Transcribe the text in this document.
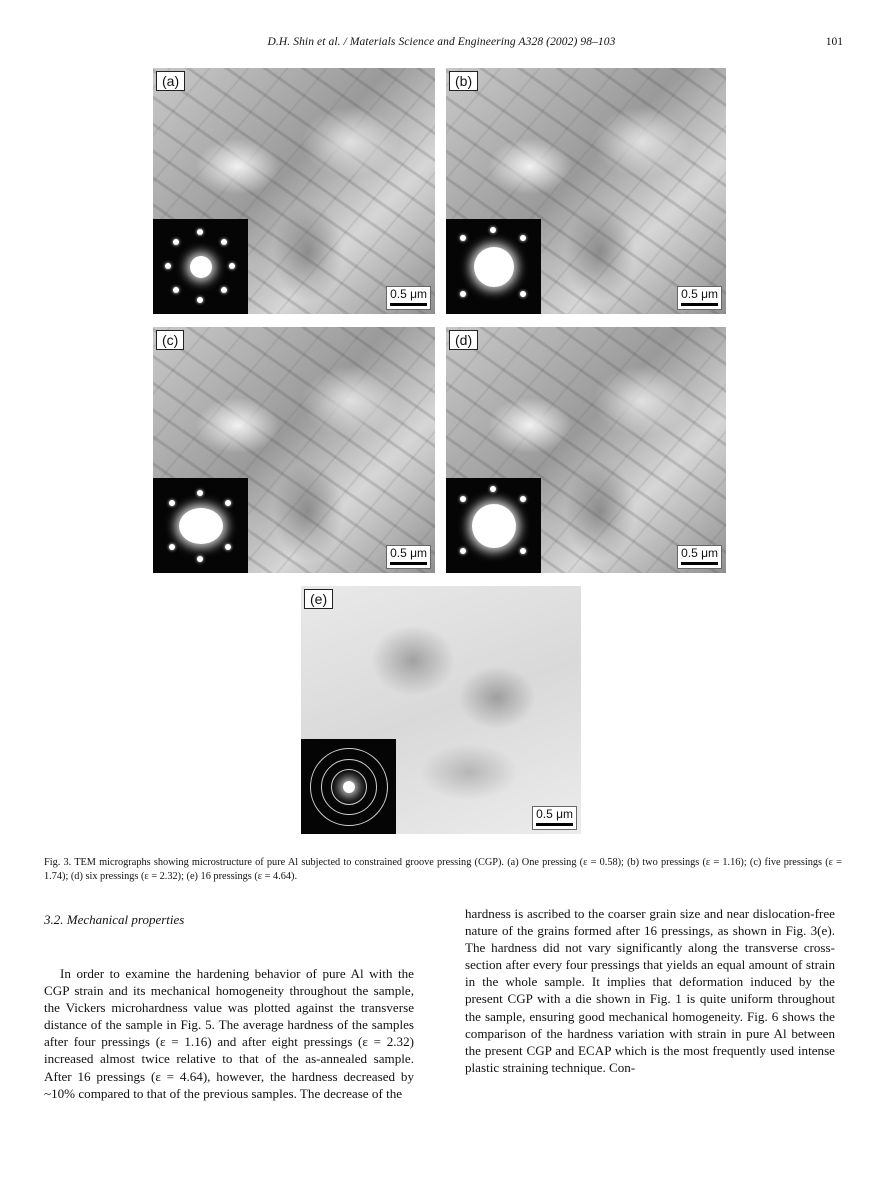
D.H. Shin et al. / Materials Science and Engineering A328 (2002) 98–103	101
(a)
0.5 μm
(b)
0.5 μm
(c)
0.5 μm
(d)
0.5 μm
(e)
0.5 μm
Fig. 3. TEM micrographs showing microstructure of pure Al subjected to constrained groove pressing (CGP). (a) One pressing (ε = 0.58); (b) two pressings (ε = 1.16); (c) five pressings (ε = 1.74); (d) six pressings (ε = 2.32); (e) 16 pressings (ε = 4.64).
3.2. Mechanical properties

In order to examine the hardening behavior of pure Al with the CGP strain and its mechanical homogeneity throughout the sample, the Vickers microhardness value was plotted against the transverse distance of the sample in Fig. 5. The average hardness of the samples after four pressings (ε = 1.16) and after eight pressings (ε = 2.32) increased almost twice relative to that of the as-annealed sample. After 16 pressings (ε = 4.64), however, the hardness decreased by ~10% compared to that of the previous samples. The decrease of the

hardness is ascribed to the coarser grain size and near dislocation-free nature of the grains formed after 16 pressings, as shown in Fig. 3(e). The hardness did not vary significantly along the transverse cross-section after every four pressings that yields an equal amount of strain in the whole sample. It implies that deformation induced by the present CGP with a die shown in Fig. 1 is quite uniform throughout the sample, ensuring good mechanical homogeneity. Fig. 6 shows the comparison of the hardness variation with strain in pure Al between the present CGP and ECAP which is the most frequently used intense plastic straining technique. Con-
